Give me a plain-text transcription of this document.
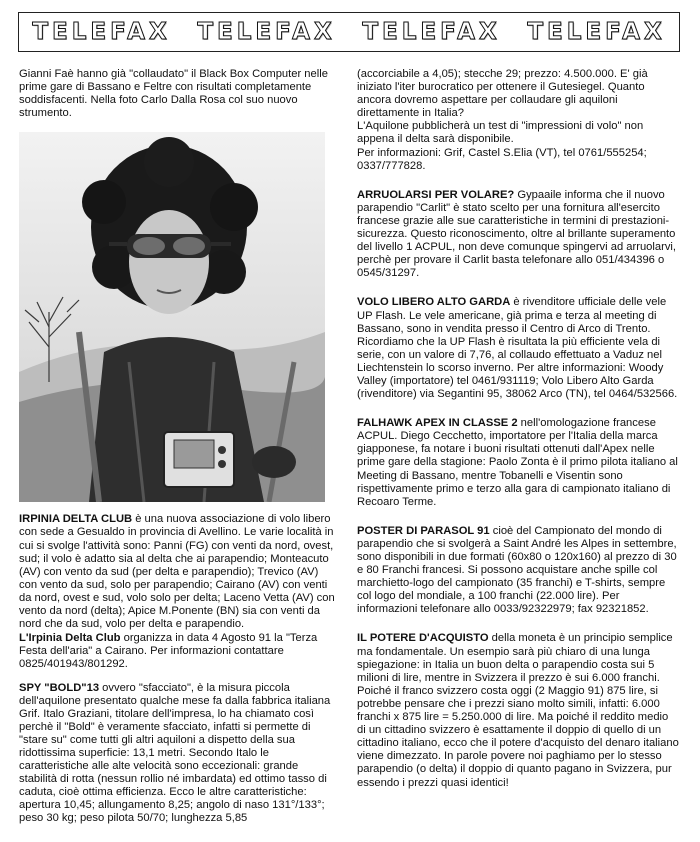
TELEFAX TELEFAX TELEFAX TELEFAX

Gianni Faè hanno già "collaudato" il Black Box Computer nelle prime gare di Bassano e Feltre con risultati completamente soddisfacenti. Nella foto Carlo Dalla Rosa col suo nuovo strumento.

IRPINIA DELTA CLUB è una nuova associazione di volo libero con sede a Gesualdo in provincia di Avellino. Le varie località in cui si svolge l'attività sono: Panni (FG) con venti da nord, ovest, sud; il volo è adatto sia al delta che ai parapendio; Monteacuto (AV) con vento da sud (per delta e parapendio); Trevico (AV) con vento da sud, solo per parapendio; Cairano (AV) con venti da nord, ovest e sud, volo solo per delta; Laceno Vetta (AV) con vento da nord (delta); Apice M.Ponente (BN) sia con venti da nord che da sud, volo per delta e parapendio.

L'Irpinia Delta Club organizza in data 4 Agosto 91 la "Terza Festa dell'aria" a Cairano. Per informazioni contattare 0825/401943/801292.

SPY "BOLD"13 ovvero "sfacciato", è la misura piccola dell'aquilone presentato qualche mese fa dalla fabbrica italiana Grif. Italo Graziani, titolare dell'impresa, lo ha chiamato così perchè il "Bold" è veramente sfacciato, infatti si permette di "stare su" come tutti gli altri aquiloni a dispetto della sua ridottissima superficie: 13,1 metri. Secondo Italo le caratteristiche alle alte velocità sono eccezionali: grande stabilità di rotta (nessun rollio né imbardata) ed ottimo tasso di caduta, cioè ottima efficienza. Ecco le altre caratteristiche: apertura 10,45; allungamento 8,25; angolo di naso 131°/133°; peso 30 kg; peso pilota 50/70; lunghezza 5,85

(accorciabile a 4,05); stecche 29; prezzo: 4.500.000. E' già iniziato l'iter burocratico per ottenere il Gutesiegel. Quanto ancora dovremo aspettare per collaudare gli aquiloni direttamente in Italia?

L'Aquilone pubblicherà un test di "impressioni di volo" non appena il delta sarà disponibile.

Per informazioni: Grif, Castel S.Elia (VT), tel 0761/555254; 0337/777828.

ARRUOLARSI PER VOLARE? Gypaaile informa che il nuovo parapendio "Carlit" è stato scelto per una fornitura all'esercito francese grazie alle sue caratteristiche in termini di prestazioni-sicurezza. Questo riconoscimento, oltre al brillante superamento del livello 1 ACPUL, non deve comunque spingervi ad arruolarvi, perchè per provare il Carlit basta telefonare allo 051/434396 o 0545/31297.

VOLO LIBERO ALTO GARDA è rivenditore ufficiale delle vele UP Flash. Le vele americane, già prima e terza al meeting di Bassano, sono in vendita presso il Centro di Arco di Trento. Ricordiamo che la UP Flash è risultata la più efficiente vela di serie, con un valore di 7,76, al collaudo effettuato a Vaduz nel Liechtenstein lo scorso inverno. Per altre informazioni: Woody Valley (importatore) tel 0461/931119; Volo Libero Alto Garda (rivenditore) via Segantini 95, 38062 Arco (TN), tel 0464/532566.

FALHAWK APEX IN CLASSE 2 nell'omologazione francese ACPUL. Diego Cecchetto, importatore per l'Italia della marca giapponese, fa notare i buoni risultati ottenuti dall'Apex nelle prime gare della stagione: Paolo Zonta è il primo pilota italiano al Meeting di Bassano, mentre Tobanelli e Visentin sono rispettivamente primo e terzo alla gara di campionato italiano di Recoaro Terme.

POSTER DI PARASOL 91 cioè del Campionato del mondo di parapendio che si svolgerà a Saint André les Alpes in settembre, sono disponibili in due formati (60x80 o 120x160) al prezzo di 30 e 80 Franchi francesi. Si possono acquistare anche spille col marchietto-logo del campionato (35 franchi) e T-shirts, sempre col logo del mondiale, a 100 franchi (22.000 lire). Per informazioni telefonare allo 0033/92322979; fax 92321852.

IL POTERE D'ACQUISTO della moneta è un principio semplice ma fondamentale. Un esempio sarà più chiaro di una lunga spiegazione: in Italia un buon delta o parapendio costa sui 5 milioni di lire, mentre in Svizzera il prezzo è sui 6.000 franchi. Poiché il franco svizzero costa oggi (2 Maggio 91) 875 lire, si potrebbe pensare che i prezzi siano molto simili, infatti: 6.000 franchi x 875 lire = 5.250.000 di lire. Ma poiché il reddito medio di un cittadino svizzero è esattamente il doppio di quello di un cittadino italiano, ecco che il potere d'acquisto del denaro italiano viene dimezzato. In parole povere noi paghiamo per lo stesso parapendio (o delta) il doppio di quanto pagano in Svizzera, pur essendo i prezzi quasi identici!
